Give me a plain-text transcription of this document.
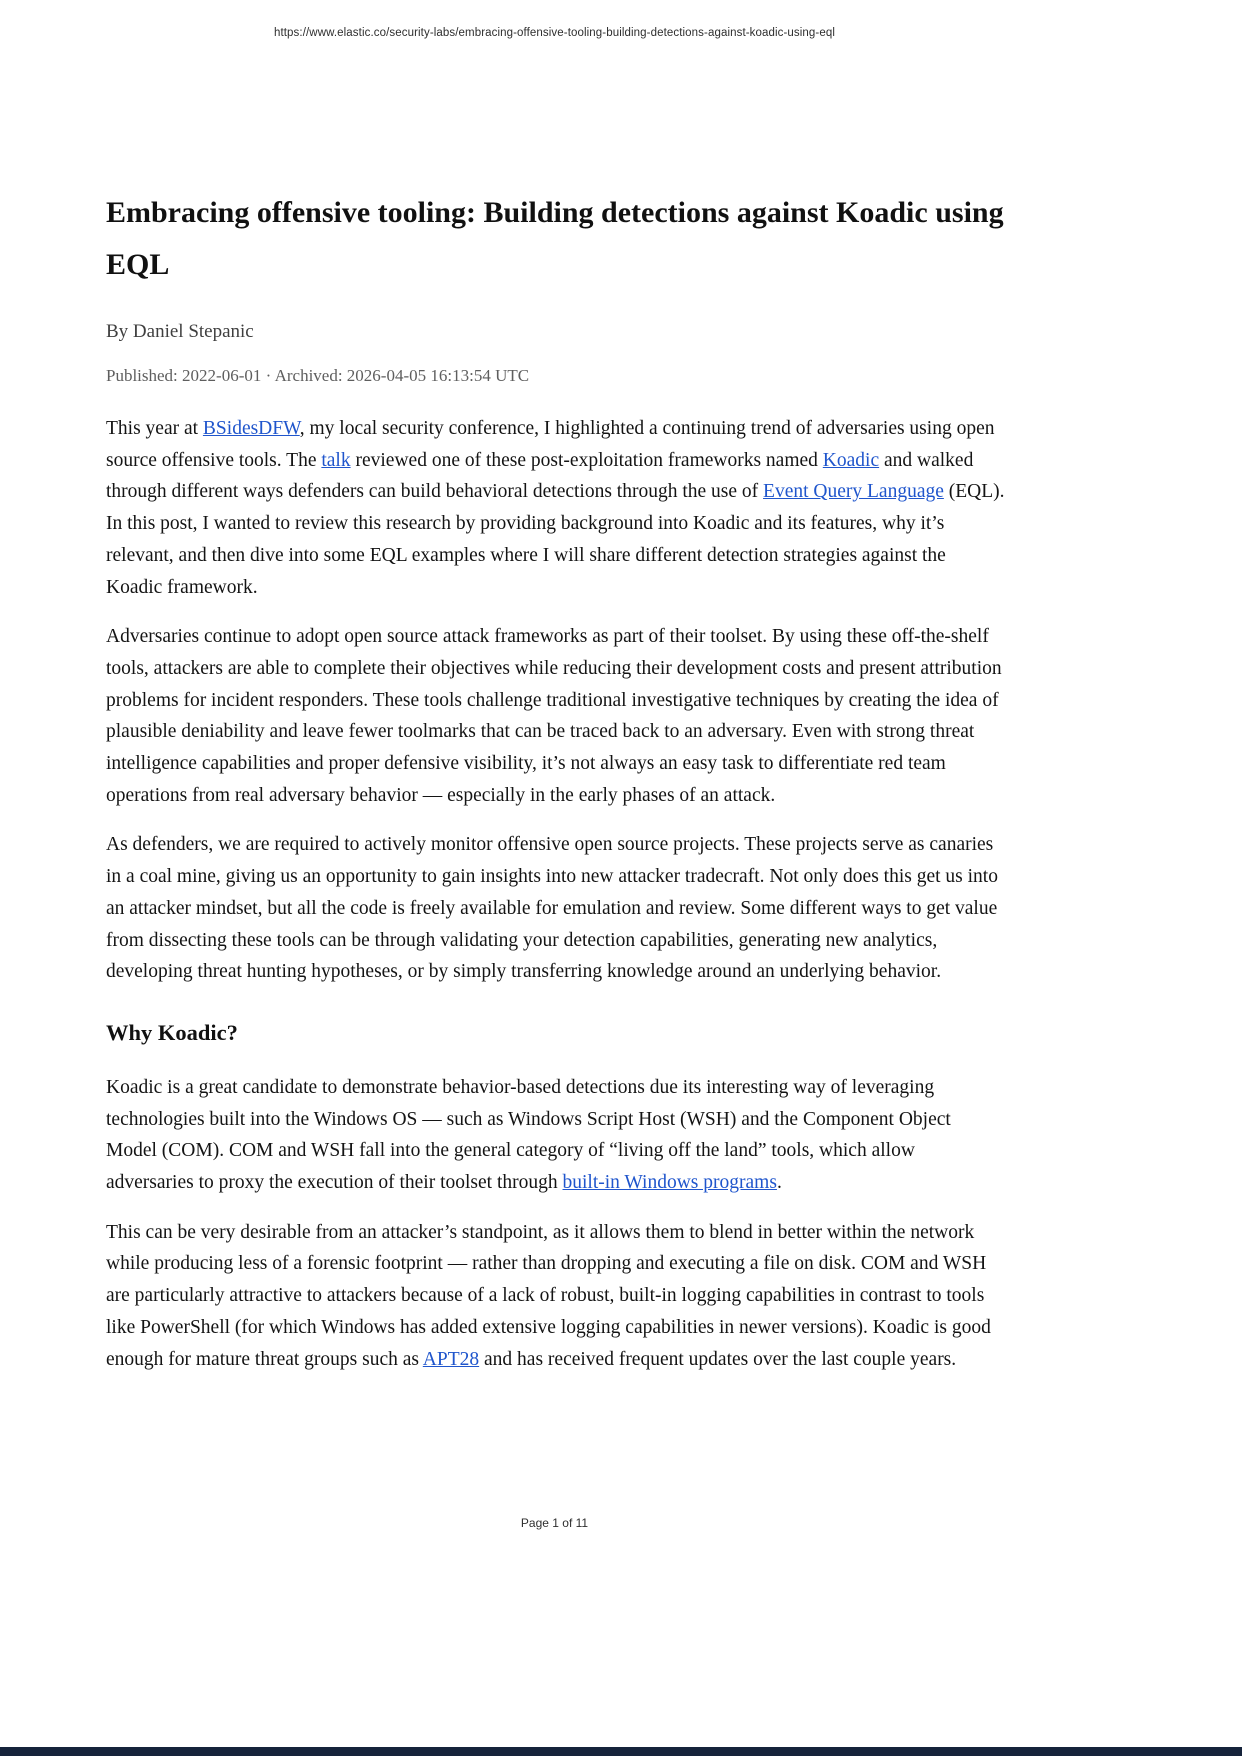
https://www.elastic.co/security-labs/embracing-offensive-tooling-building-detections-against-koadic-using-eql
Embracing offensive tooling: Building detections against Koadic using EQL
By Daniel Stepanic
Published: 2022-06-01 · Archived: 2026-04-05 16:13:54 UTC

This year at BSidesDFW, my local security conference, I highlighted a continuing trend of adversaries using open source offensive tools. The talk reviewed one of these post-exploitation frameworks named Koadic and walked through different ways defenders can build behavioral detections through the use of Event Query Language (EQL). In this post, I wanted to review this research by providing background into Koadic and its features, why it’s relevant, and then dive into some EQL examples where I will share different detection strategies against the Koadic framework.

Adversaries continue to adopt open source attack frameworks as part of their toolset. By using these off-the-shelf tools, attackers are able to complete their objectives while reducing their development costs and present attribution problems for incident responders. These tools challenge traditional investigative techniques by creating the idea of plausible deniability and leave fewer toolmarks that can be traced back to an adversary. Even with strong threat intelligence capabilities and proper defensive visibility, it’s not always an easy task to differentiate red team operations from real adversary behavior — especially in the early phases of an attack.

As defenders, we are required to actively monitor offensive open source projects. These projects serve as canaries in a coal mine, giving us an opportunity to gain insights into new attacker tradecraft. Not only does this get us into an attacker mindset, but all the code is freely available for emulation and review. Some different ways to get value from dissecting these tools can be through validating your detection capabilities, generating new analytics, developing threat hunting hypotheses, or by simply transferring knowledge around an underlying behavior.

Why Koadic?

Koadic is a great candidate to demonstrate behavior-based detections due its interesting way of leveraging technologies built into the Windows OS — such as Windows Script Host (WSH) and the Component Object Model (COM). COM and WSH fall into the general category of “living off the land” tools, which allow adversaries to proxy the execution of their toolset through built-in Windows programs.

This can be very desirable from an attacker’s standpoint, as it allows them to blend in better within the network while producing less of a forensic footprint — rather than dropping and executing a file on disk. COM and WSH are particularly attractive to attackers because of a lack of robust, built-in logging capabilities in contrast to tools like PowerShell (for which Windows has added extensive logging capabilities in newer versions). Koadic is good enough for mature threat groups such as APT28 and has received frequent updates over the last couple years.

Page 1 of 11
